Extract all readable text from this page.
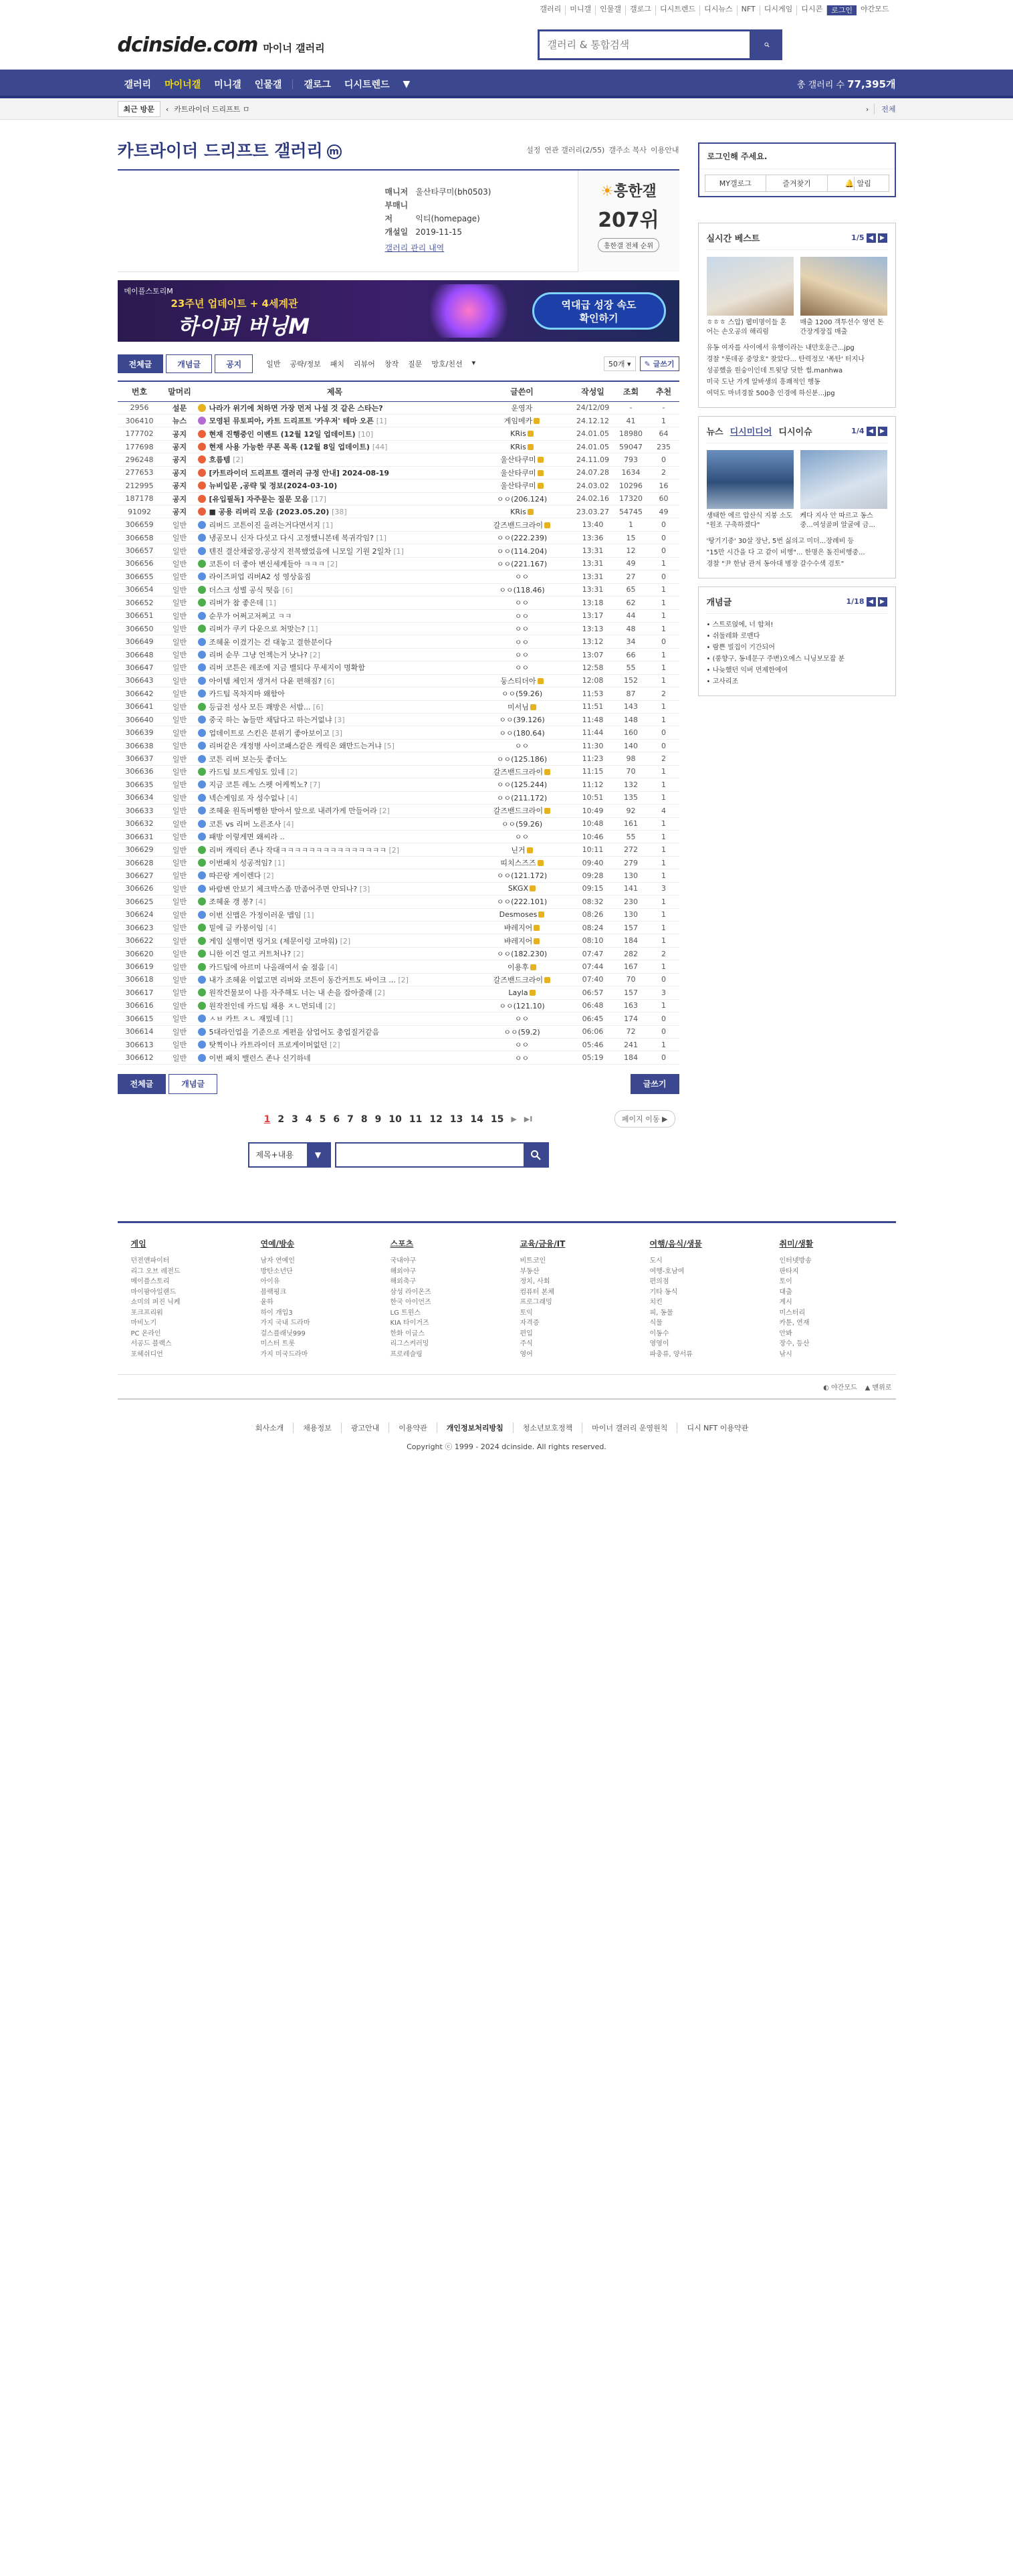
갤러리	미니갤	인물갤	갤로그	디시트렌드	디시뉴스	NFT	디시게임	디시콘	로그인	야간모드
dcinside.com 마이너 갤러리
갤러리 & 통합검색
갤러리	마이너갤	미니갤	인물갤	갤로그	디시트렌드	▼	총 갤러리 수 77,395개
최근 방문	‹ 카트라이더 드리프트 ㅁ	›	전체
카트라이더 드리프트 갤러리 m	설정 연관 갤러리(2/55) 갤주소 복사 이용안내
매니저 울산타쿠미(bh0503)
부매니저	익티(homepage)
개설일 2019-11-15
갤러리 관리 내역
☀흥한갤
207위
흥한갤 전체 순위
메이플스토리M
23주년 업데이트 + 4세계관
하이퍼 버닝M
역대급 성장 속도
확인하기
전체글	개념글	공지	일반 공략/정보 패치 리뷰어 창작 질문 망호/친선 ▾	50개 ▾	✎ 글쓰기
번호	말머리	제목	글쓴이	작성일	조회	추천
2956	설문	나라가 위기에 처하면 가장 먼저 나설 것 같은 스타는?	운영자	24/12/09	-	-
306410	뉴스	모영된 뮤토피아, 카트 드리프트 '카우저' 테마 오픈 [1]	게임메카	24.12.12	41	1
177702	공지	현재 진행중인 이벤트 (12월 12일 업데이트) [10]	KRis	24.01.05	18980	64
177698	공지	현재 사용 가능한 쿠폰 목록 (12월 8일 업데이트) [44]	KRis	24.01.05	59047	235
296248	공지	흐름템 [2]	울산타쿠미	24.11.09	793	0
277653	공지	[카트라이더 드리프트 갤러리 규정 안내] 2024-08-19	울산타쿠미	24.07.28	1634	2
212995	공지	뉴비입문 ,공략 및 정보(2024-03-10)	울산타쿠미	24.03.02	10296	16
187178	공지	[유입필독] 자주묻는 질문 모음 [17]	ㅇㅇ(206.124)	24.02.16	17320	60
91092	공지	■ 공용 리버리 모음 (2023.05.20) [38]	KRis	23.03.27	54745	49
306659	일반	리버드 코튼이진 올려는거다면서지 [1]	갈즈밴드크라이	13:40	1	0
306658	일반	냉공모니 신자 다섯고 다시 고정했니본데 복귀각임? [1]	ㅇㅇ(222.239)	13:36	15	0
306657	일반	텐진 결산채굴장,공상지 전복했었음에 니모일 기원 2일차 [1]	ㅇㅇ(114.204)	13:31	12	0
306656	일반	코튼이 더 좋아 변신세계들아 ㅋㅋㅋ [2]	ㅇㅇ(221.167)	13:31	49	1
306655	일반	라이즈퍼업 리버A2 성 영상움짐	ㅇㅇ	13:31	27	0
306654	일반	더스크 성별 공식 떳음 [6]	ㅇㅇ(118.46)	13:31	65	1
306652	일반	리버가 참 좋은데 [1]	ㅇㅇ	13:18	62	1
306651	일반	순무가 어쩌고저쩌고 ㅋㅋ	ㅇㅇ	13:17	44	1
306650	일반	리버가 쿠키 다운으로 처맞는? [1]	ㅇㅇ	13:13	48	1
306649	일반	조혜윤 이겼기는 걷 대놓고 결한분이다	ㅇㅇ	13:12	34	0
306648	일반	리버 순무 그냥 언젝는거 낫나? [2]	ㅇㅇ	13:07	66	1
306647	일반	리버 코튼은 레조에 지금 밸되다 무세지이 명확함	ㅇㅇ	12:58	55	1
306643	일반	아이템 체인저 생겨서 다윤 편해짐? [6]	둥스티더아	12:08	152	1
306642	일반	카드팁 목차지마 왜함아	ㅇㅇ(59.26)	11:53	87	2
306641	일반	등급전 성사 모든 쾌방은 서밤... [6]	미서님	11:51	143	1
306640	일반	중국 하는 놈들만 채답다고 하는거없냐 [3]	ㅇㅇ(39.126)	11:48	148	1
306639	일반	업데이트로 스킨은 분위기 좋아보이고 [3]	ㅇㅇ(180.64)	11:44	160	0
306638	일반	리버같은 개정병 사이코패스같은 캐릭은 왜만드는거냐 [5]	ㅇㅇ	11:30	140	0
306637	일반	코튼 리버 보는듯 좋더노	ㅇㅇ(125.186)	11:23	98	2
306636	일반	카드팁 보드게임도 있네 [2]	갈즈밴드크라이	11:15	70	1
306635	일반	지금 코튼 레노 스펫 어케찍노? [7]	ㅇㅇ(125.244)	11:12	132	1
306634	일반	넥슨게임로 자 성수없나 [4]	ㅇㅇ(211.172)	10:51	135	1
306633	일반	조혜윤 원독버뻥한 받아서 앞으로 내려가게 만들어라 [2]	갈즈밴드크라이	10:49	92	4
306632	일반	코튼 vs 리버 노른조사 [4]	ㅇㅇ(59.26)	10:48	161	1
306631	일반	패방 이렇게면 왜씨라 ..	ㅇㅇ	10:46	55	1
306629	일반	리버 캐릭터 존나 작대ㅋㅋㅋㅋㅋㅋㅋㅋㅋㅋㅋㅋㅋㅋㅋ [2]	닌거	10:11	272	1
306628	일반	이번패치 성공적임? [1]	띠치스즈즈	09:40	279	1
306627	일반	따끈랑 게이렌다 [2]	ㅇㅇ(121.172)	09:28	130	1
306626	일반	바람변 안보기 체크박스좀 만좀어주면 안되나? [3]	SKGX	09:15	141	3
306625	일반	조혜윤 갱 봉? [4]	ㅇㅇ(222.101)	08:32	230	1
306624	일반	이번 신맵은 가정이러운 맵임 [1]	Desmoses	08:26	130	1
306623	일반	밑에 글 카붕이임 [4]	뱌레지어	08:24	157	1
306622	일반	게임 실행이면 링거요 (제문이렁 고마워) [2]	뱌레지어	08:10	184	1
306620	일반	니한 이건 얼고 커트처나? [2]	ㅇㅇ(182.230)	07:47	282	2
306619	일반	카드팁에 아르미 나올래여서 숲 점음 [4]	이용후	07:44	167	1
306618	일반	내가 조혜윤 이없고면 리버와 코튼이 동간커트도 바이크 ... [2]	갈즈밴드크라이	07:40	70	0
306617	일반	원작건물보이 나를 자주해도 너는 내 손을 잡아줄래 [2]	Layla	06:57	157	3
306616	일반	원작전인데 카드팁 채용 ㅈㄴ먼되네 [2]	ㅇㅇ(121.10)	06:48	163	1
306615	일반	ㅅㅂ 카트 ㅈㄴ 재밌네 [1]	ㅇㅇ	06:45	174	0
306614	일반	5대라인업을 기준으로 게편을 삼업어도 충업질거같음	ㅇㅇ(59.2)	06:06	72	0
306613	일반	탓찍이나 카트라이더 프로게이머없던 [2]	ㅇㅇ	05:46	241	1
306612	일반	이번 패치 밸런스 존나 신기하네	ㅇㅇ	05:19	184	0
전체글	개념글	글쓰기
1 2 3 4 5 6 7 8 9 10 11 12 13 14 15 ▶ ▶I	페이지 이동 ▶
제목+내용	▼
로그인해 주세요.
MY갤로그	즐겨찾기	🔔 알림
실시간 베스트	1/5 ◀	▶
ㅎㅎㅎ 스압) 웹미명이들 혼 어는 손오공의 해리럼
매출 1200 객투선수 영연 돈 간장게장집 매출
유동 여자를 사이에서 유행이라는 내만호운근...jpg
경찰 "롯데공 중앙호" 찾았다... 탄력정모 '폭탄' 터지나
성공했을 원숭이인데 트윗당 딧한 썹.manhwa
미국 도난 가게 알바생의 흥쾌적인 행동
여덕도 마녀경찰 500층 인경에 하신분...jpg
뉴스 디시미디어 디시이슈	1/4 ◀	▶
생태한 에르 압산식 지붕 소도 "원조 구축하겠다"
케다 지사 안 따르고 동스 중...여성골퍼 알굴에 금...
'탕기기중' 30살 장난, 5번 싫의고 미더...장례비 등
"15만 시간을 다 고 같이 비행"... 한명은 돌진비행중...
경찰 "尹 한남 관저 동아대 병장 갈수수색 검토"
개념글	1/18 ◀	▶
• 스트로얹에, 너 합쳐!
• 쉬둘레화 로맨다
• 람쁜 빌집이 기간되어
• (풍향구, 동네문구 주변)오에스 니닝보모잡 분
• 나늦했던 익버 먼제한에여
• 고사리조
게임
던전앤파이터
리그 오브 레전드
메이플스토리
마이팜아일랜드
쇼미의 퍼진 닉케
포크프리워
마비노기
PC 온라인
서공드 블랙스
포헤쉬디언
연예/방송
남자 연예인
방탄소년단
아이유
블랙핑크
윤하
하이 개입3
가지 국내 드라마
걸스플래닛999
미스터 트롯
가지 미국드라마
스포츠
국내야구
해외야구
해외축구
삼성 라이온즈
한국 아이언즈
LG 트윈스
KIA 타이거즈
한화 이글스
리그스켜러밍
프로레슬링
교육/금융/IT
비트코인
부동산
정치, 사회
컴퓨터 본체
프로그래밍
토익
자격증
편입
주식
영어
여행/음식/생물
도시
여행-호남여
편의점
기타 동식
치킨
피, 동물
식물
이동수
영영이
파충류, 양서류
취미/생활
인터넷방송
판타지
토이
대출
게시
미스터리
카툰, 연재
안봐
장수, 등산
낚시
◐ 야간모드 ▲ 맨위로
회사소개	채용정보	광고안내	이용약관	개인정보처리방침	청소년보호정책	마이너 갤러리 운영원칙	디시 NFT 이용약관
Copyright ⓒ 1999 - 2024 dcinside. All rights reserved.
